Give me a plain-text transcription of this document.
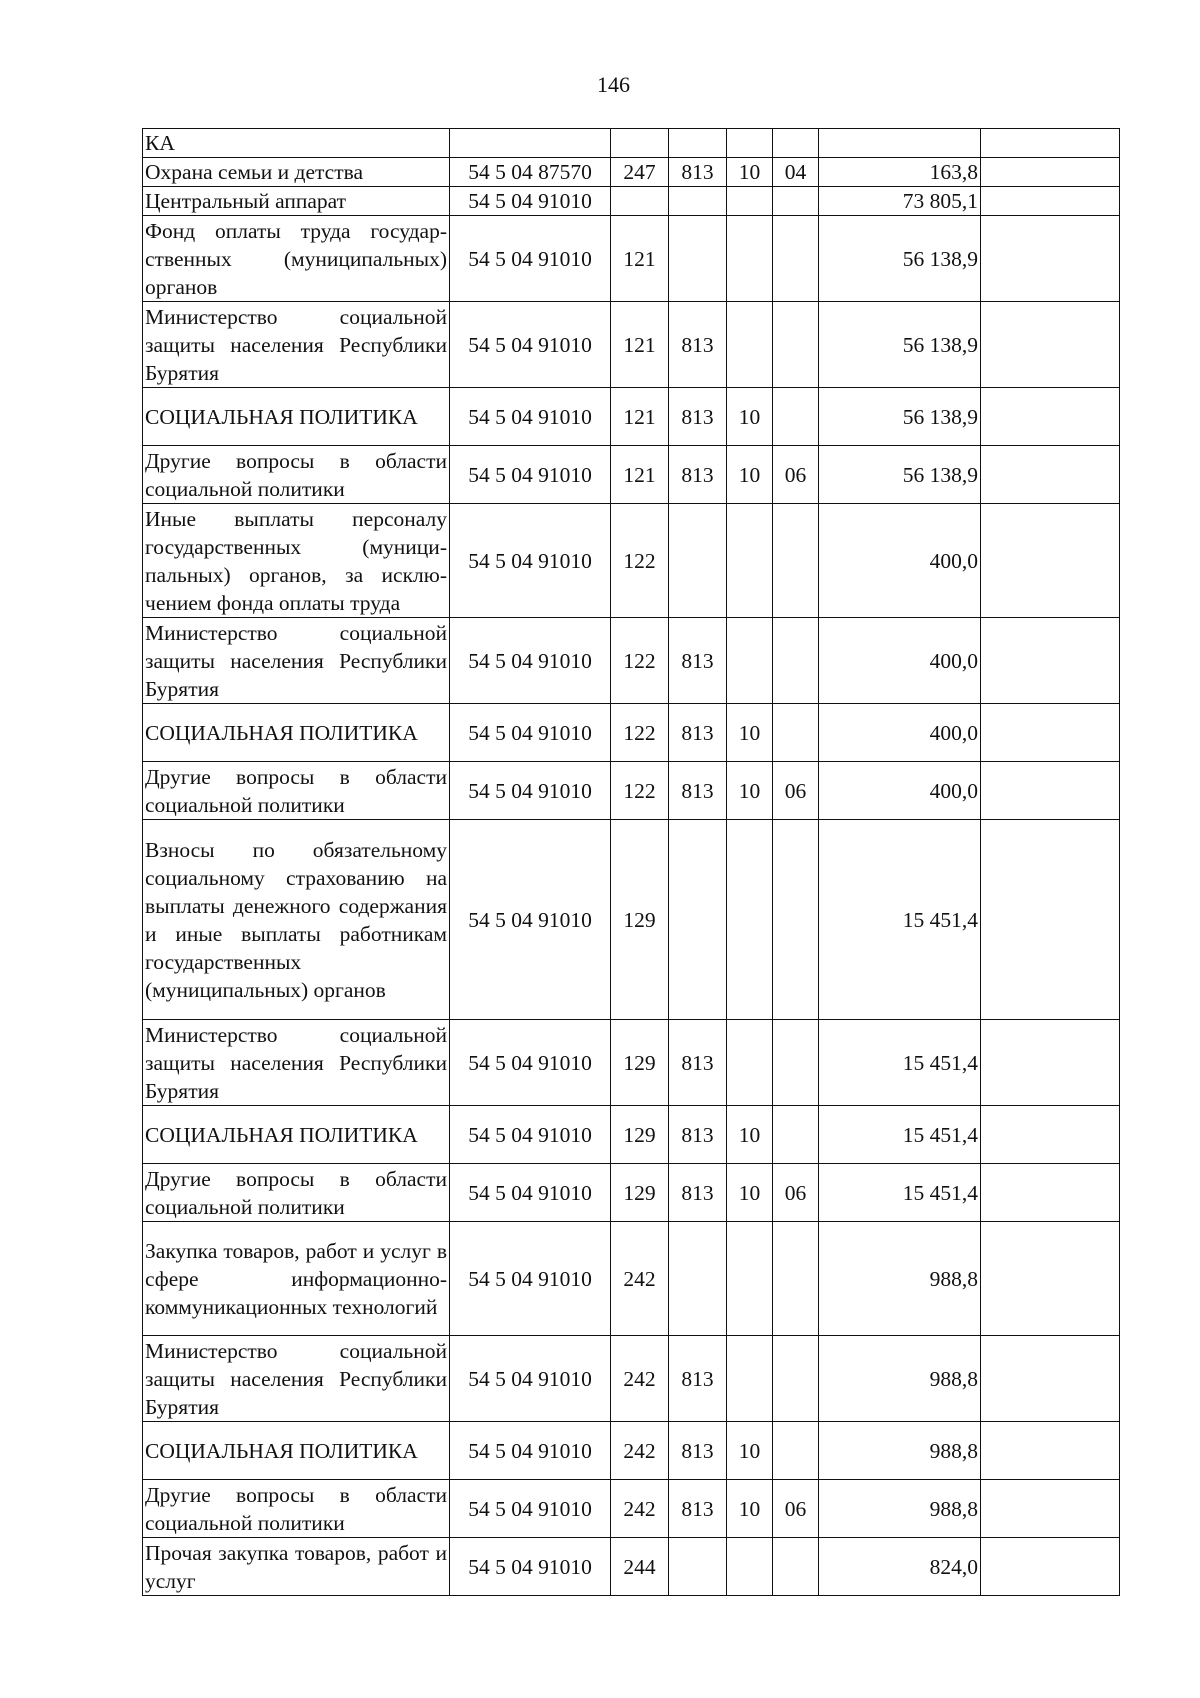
146
КА							
Охрана семьи и детства	54 5 04 87570	247	813	10	04	163,8	
Центральный аппарат	54 5 04 91010					73 805,1	
Фонд оплаты труда государственных (муниципальных) органов	54 5 04 91010	121				56 138,9	
Министерство социальной защиты населения Республики Бурятия	54 5 04 91010	121	813			56 138,9	
СОЦИАЛЬНАЯ ПОЛИТИКА	54 5 04 91010	121	813	10		56 138,9	
Другие вопросы в области социальной политики	54 5 04 91010	121	813	10	06	56 138,9	
Иные выплаты персоналу государственных (муниципальных) органов, за исключением фонда оплаты труда	54 5 04 91010	122				400,0	
Министерство социальной защиты населения Республики Бурятия	54 5 04 91010	122	813			400,0	
СОЦИАЛЬНАЯ ПОЛИТИКА	54 5 04 91010	122	813	10		400,0	
Другие вопросы в области социальной политики	54 5 04 91010	122	813	10	06	400,0	
Взносы по обязательному социальному страхованию на выплаты денежного содержания и иные выплаты работникам государственных (муниципальных) органов	54 5 04 91010	129				15 451,4	
Министерство социальной защиты населения Республики Бурятия	54 5 04 91010	129	813			15 451,4	
СОЦИАЛЬНАЯ ПОЛИТИКА	54 5 04 91010	129	813	10		15 451,4	
Другие вопросы в области социальной политики	54 5 04 91010	129	813	10	06	15 451,4	
Закупка товаров, работ и услуг в сфере информационно-коммуникационных технологий	54 5 04 91010	242				988,8	
Министерство социальной защиты населения Республики Бурятия	54 5 04 91010	242	813			988,8	
СОЦИАЛЬНАЯ ПОЛИТИКА	54 5 04 91010	242	813	10		988,8	
Другие вопросы в области социальной политики	54 5 04 91010	242	813	10	06	988,8	
Прочая закупка товаров, работ и услуг	54 5 04 91010	244				824,0	
